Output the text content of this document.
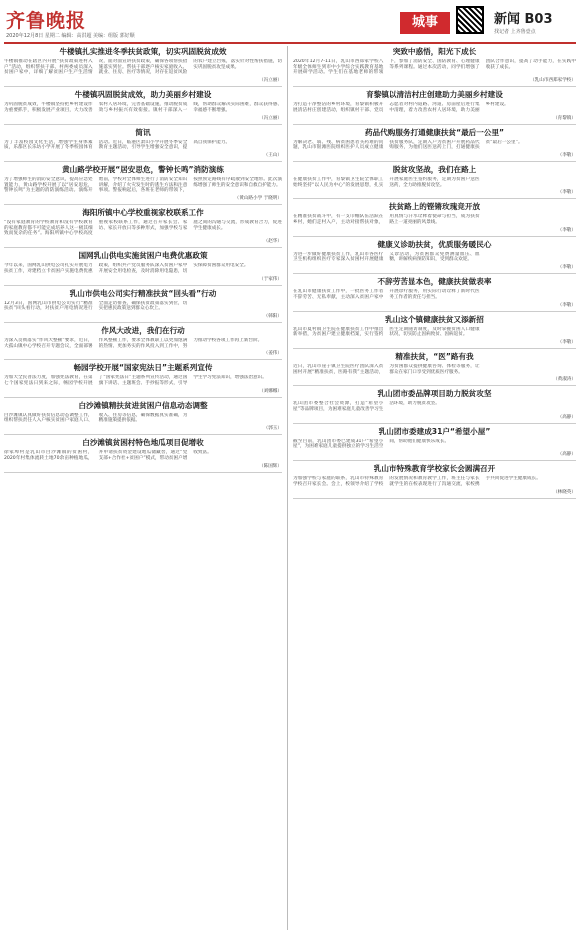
齐鲁晚报
2020年12月8日 星期二 编辑：高洪超 美编：组版 郭好顺
城事	新闻 B03
找记者 上齐鲁壹点
牛楼镇扎实推进冬季扶贫政策，切实巩固脱贫成效
牛楼镇推动在辖区内开展“扶贫政策进村入户”活动，组织帮扶干部、村两委成员深入贫困户家中，详细了解贫困户生产生活情况，面对面宣讲扶贫政策，确保各项帮扶措施落实到位。帮扶干部逐户核实家庭收入、就业、住房、医疗等情况，对存在返贫风险的农户建立台账，落实针对性帮扶措施，切实巩固脱贫攻坚成果。
（冯立丽）
牛楼镇巩固脱贫成效，助力美丽乡村建设
为巩固脱贫成效，牛楼镇坚持把乡村建设作为重要抓手，积极发展产业项目，大力改善农村人居环境，完善基础设施，推动脱贫成效与乡村振兴有效衔接。镇村干部深入一线，帮助群众解决实际困难，群众获得感、幸福感不断增强。
（冯立丽）
简讯
为了丰富校园文化生活，增强学生身体素质，乐都区长乐坊小学开展了冬季校园体育活动。近日，临港区萧山小学开展冬季安全教育主题活动，引导学生增强安全意识，提高自我保护能力。
（王山）
黄山路学校开展“居安思危，警钟长鸣”消防演练
为了增强师生的消防安全意识，提高应急处置能力，黄山路学校开展了以“居安思危，警钟长鸣”为主题的消防演练活动。演练开始前，学校对全体师生进行了消防安全知识讲解，介绍了火灾发生时的逃生方法和注意事项。警报响起后，各班在老师的带领下，按照预定路线有序疏散到安全地带。此次演练增强了师生的安全意识和自救自护能力。
（黄山路小学 于晓明）
海阳所镇中心学校重视家校联系工作
“没有家庭教育的学校教育和没有学校教育的家庭教育都不可能完成培养人这一极其细致而复杂的任务”。海阳所镇中心学校高度重视家校联系工作，通过召开家长会、家访、家长开放日等多种形式，加强学校与家庭之间的沟通与交流，形成教育合力，促进学生健康成长。
（赵华）
国网乳山供电实施贫困户电费优惠政策
今年以来，国网乳山供电公司扎实开展电力扶贫工作，对建档立卡贫困户实施电费优惠政策，组织共产党员服务队深入贫困户家中开展安全用电检查，及时消除用电隐患，切实保障贫困群众用电安全。
（于家伟）
乳山市供电公司实行精准扶贫“回头看”行动
12月3日，国网乳山市供电公司实行“精准扶贫”回头看行动，对扶贫户用电情况进行全面走访排查，确保扶贫政策落实到位，切实把惠民政策送到群众心坎上。
（韩阳）
作风大改进，我们在行动
为深入贯彻落实“作风大整顿”要求，近日，大孤山镇中心学校召开专题会议，全面部署作风整顿工作，要求全体教职工以更加饱满的热情、更加务实的作风投入到工作中，努力推动学校各项工作再上新台阶。
（姜伟）
畅园学校开展“国家宪法日”主题系列宣传
为加大全民普法力度，加强宪法教育，在第七个国家宪法日到来之际，畅园学校开展了“国家宪法日”主题系列宣传活动，通过国旗下讲话、主题班会、手抄报等形式，引导学生学习宪法知识，增强法治意识。
（刘娜娜）
白沙滩镇精扶贫进贫困户信息动态调整
白沙滩镇认真做好扶贫信息动态调整工作，组织帮扶责任人入户核实贫困户家庭人口、收入、住房等信息，确保数据真实准确，为精准施策提供依据。
（郭玉）
白沙滩镇贫困村特色地瓜项目促增收
徐家埠村是乳山市白沙滩镇的贫困村，2020年村集体流转土地70余亩种植地瓜，并申请扶贫资金建设地瓜储藏窖，通过“党支部+合作社+贫困户”模式，带动贫困户增收致富。
（陈国辉）
突致中惑悟，阳光下成长
2020年12月7-11日，乳山市西郑家学校八年级全体师生到市中小学综合实践教育基地开展研学活动。学生们在基地老师的带领下，参加了消防安全、国防教育、心理健康等系列课程。通过本次活动，同学们增强了团队合作意识，提高了动手能力，在实践中收获了成长。
（乳山市西郑家学校）
育黎镇以清洁村庄创建助力美丽乡村建设
为打造干净整洁的乡村环境，育黎镇积极开展清洁村庄创建活动，组织镇村干部、党员志愿者对村内道路、河道、房前屋后进行集中清理，着力改善农村人居环境，助力美丽乡村建设。
（育黎镇）
药品代购服务打通健康扶贫“最后一公里”
为解决老、弱、残、病贫困患者买药难的问题，乳山市银滩医院组织医护人员成立健康扶贫服务队，定期入户为贫困户开展药品代购服务，为他们送医送药上门，打通健康扶贫“最后一公里”。
（李敬）
脱贫攻坚战，我们在路上
在健康扶贫工作中，育黎镇卫生院全体职工始终坚持“以人民为中心”的发展思想，扎实开展家庭医生签约服务，定期为贫困户送医送药，全力助推脱贫攻坚。
（李敬）
扶贫路上的铿锵玫瑰竞开放
在精准扶贫战斗中，有一支巾帼队伍活跃在乡村，她们走村入户，主动对接帮扶对象，用真情与汗水诠释着使命与担当，成为扶贫路上一道亮丽的风景线。
（李敬）
健康义诊助扶贫，优质服务暖民心
为进一步做好健康扶贫工作，乳山市各医疗卫生机构组织医疗专家深入贫困村开展健康义诊活动，为贫困群众免费测量血压、血糖，讲解疾病预防知识，受到群众欢迎。
（李敬）
不辞劳苦显本色，健康扶贫做表率
在乳山市健康扶贫工作中，一批医务工作者不辞劳苦、无私奉献，主动深入贫困户家中开展诊疗服务，用实际行动诠释了新时代医务工作者的责任与担当。
（李敬）
乳山这个镇健康扶贫又添新招
乳山市夏村镇卫生院在健康扶贫工作中推出新举措，为贫困户建立健康档案，实行签约医生定期随访制度，及时掌握贫困人口健康状况，切实防止因病致贫、因病返贫。
（李敬）
精准扶贫，“医”路有我
近日，乳山市崖子镇卫生院医疗团队深入贫困村开展“精准扶贫，医路有我”主题活动，为贫困群众提供健康咨询、体检等服务，让群众在家门口享受到优质医疗服务。
（黄淑涛）
乳山团市委品牌项目助力脱贫攻坚
乳山团市委整合社会资源，打造“希望小屋”等品牌项目，为困难家庭儿童改善学习生活环境，助力脱贫攻坚。
（高静）
乳山团市委建成31户“希望小屋”
截至目前，乳山团市委已建成31户“希望小屋”，为困难家庭儿童提供独立的学习生活空间，帮助他们健康快乐成长。
（高静）
乳山市特殊教育学校家长会圆满召开
为加强学校与家庭的联系，乳山市特殊教育学校召开家长会。会上，校领导介绍了学校的发展情况和教育教学工作，班主任与家长就学生的在校表现进行了沟通交流，家校携手共同促进学生健康成长。
（林晓英）
